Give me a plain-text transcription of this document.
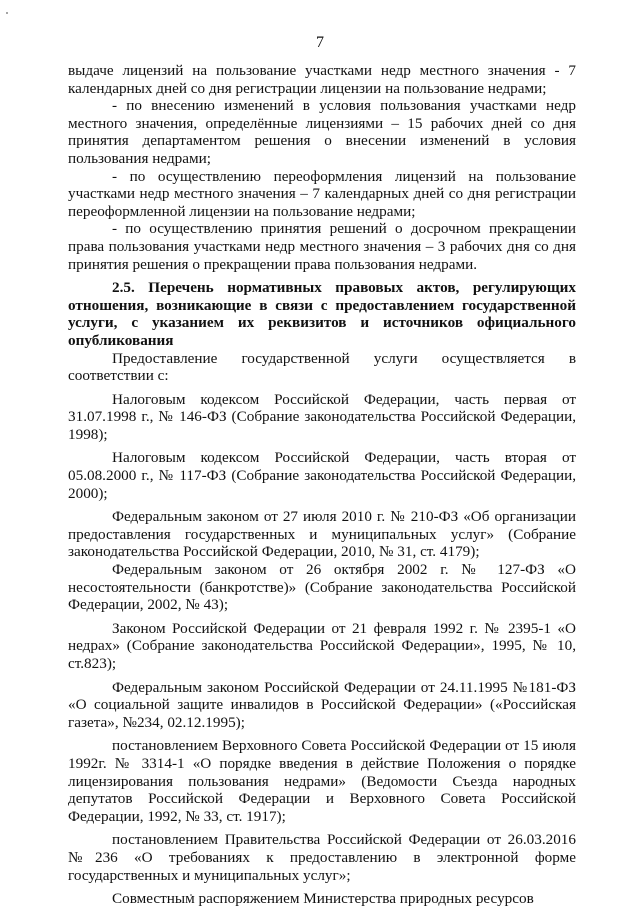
7

выдаче лицензий на пользование участками недр местного значения - 7 календарных дней со дня регистрации лицензии на пользование недрами;

- по внесению изменений в условия пользования участками недр местного значения, определённые лицензиями – 15 рабочих дней со дня принятия департаментом решения о внесении изменений в условия пользования недрами;

- по осуществлению переоформления лицензий на пользование участками недр местного значения – 7 календарных дней со дня регистрации переоформленной лицензии на пользование недрами;

- по осуществлению принятия решений о досрочном прекращении права пользования участками недр местного значения – 3 рабочих дня со дня принятия решения о прекращении права пользования недрами.

2.5. Перечень нормативных правовых актов, регулирующих отношения, возникающие в связи с предоставлением государственной услуги, с указанием их реквизитов и источников официального опубликования

Предоставление государственной услуги осуществляется в соответствии с:

Налоговым кодексом Российской Федерации, часть первая от 31.07.1998 г., № 146-ФЗ (Собрание законодательства Российской Федерации, 1998);

Налоговым кодексом Российской Федерации, часть вторая от 05.08.2000 г., № 117-ФЗ (Собрание законодательства Российской Федерации, 2000);

Федеральным законом от 27 июля 2010 г. № 210-ФЗ «Об организации предоставления государственных и муниципальных услуг» (Собрание законодательства Российской Федерации, 2010, № 31, ст. 4179);

Федеральным законом от 26 октября 2002 г. № 127-ФЗ «О несостоятельности (банкротстве)» (Собрание законодательства Российской Федерации, 2002, № 43);

Законом Российской Федерации от 21 февраля 1992 г. № 2395-1 «О недрах» (Собрание законодательства Российской Федерации», 1995, № 10, ст.823);

Федеральным законом Российской Федерации от 24.11.1995 №181-ФЗ «О социальной защите инвалидов в Российской Федерации» («Российская газета», №234, 02.12.1995);

постановлением Верховного Совета Российской Федерации от 15 июля 1992г. № 3314-1 «О порядке введения в действие Положения о порядке лицензирования пользования недрами» (Ведомости Съезда народных депутатов Российской Федерации и Верховного Совета Российской Федерации, 1992, № 33, ст. 1917);

постановлением Правительства Российской Федерации от 26.03.2016 №236 «О требованиях к предоставлению в электронной форме государственных и муниципальных услуг»;

Совместным распоряжением Министерства природных ресурсов
